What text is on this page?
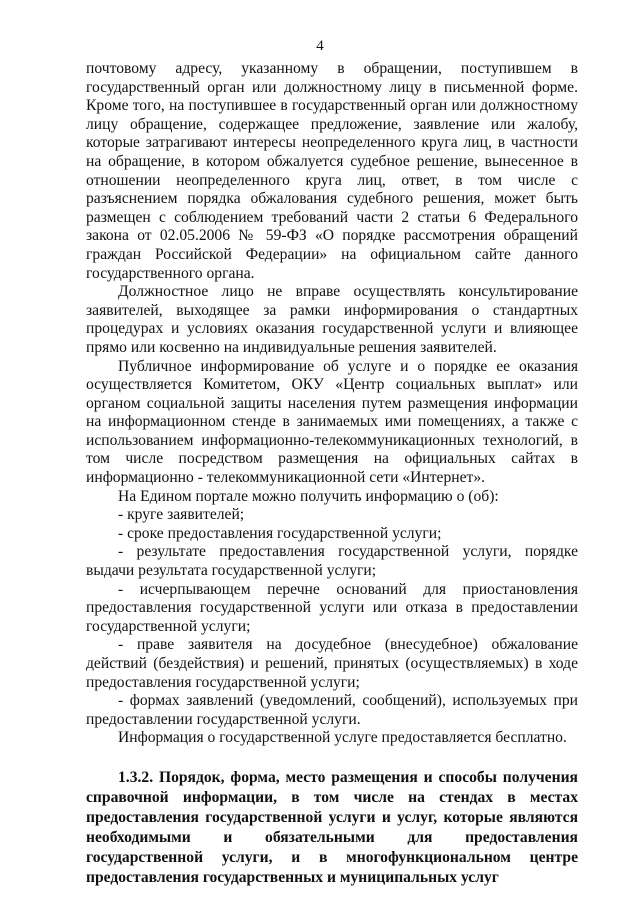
4

почтовому адресу, указанному в обращении, поступившем в государственный орган или должностному лицу в письменной форме. Кроме того, на поступившее в государственный орган или должностному лицу обращение, содержащее предложение, заявление или жалобу, которые затрагивают интересы неопределенного круга лиц, в частности на обращение, в котором обжалуется судебное решение, вынесенное в отношении неопределенного круга лиц, ответ, в том числе с разъяснением порядка обжалования судебного решения, может быть размещен с соблюдением требований части 2 статьи 6 Федерального закона от 02.05.2006 № 59-ФЗ «О порядке рассмотрения обращений граждан Российской Федерации» на официальном сайте данного государственного органа.

Должностное лицо не вправе осуществлять консультирование заявителей, выходящее за рамки информирования о стандартных процедурах и условиях оказания государственной услуги и влияющее прямо или косвенно на индивидуальные решения заявителей.

Публичное информирование об услуге и о порядке ее оказания осуществляется Комитетом, ОКУ «Центр социальных выплат» или органом социальной защиты населения путем размещения информации на информационном стенде в занимаемых ими помещениях, а также с использованием информационно-телекоммуникационных технологий, в том числе посредством размещения на официальных сайтах в информационно - телекоммуникационной сети «Интернет».

На Едином портале можно получить информацию о (об):

- круге заявителей;

- сроке предоставления государственной услуги;

- результате предоставления государственной услуги, порядке выдачи результата государственной услуги;

- исчерпывающем перечне оснований для приостановления предоставления государственной услуги или отказа в предоставлении государственной услуги;

- праве заявителя на досудебное (внесудебное) обжалование действий (бездействия) и решений, принятых (осуществляемых) в ходе предоставления государственной услуги;

- формах заявлений (уведомлений, сообщений), используемых при предоставлении государственной услуги.

Информация о государственной услуге предоставляется бесплатно.

1.3.2. Порядок, форма, место размещения и способы получения справочной информации, в том числе на стендах в местах предоставления государственной услуги и услуг, которые являются необходимыми и обязательными для предоставления государственной услуги, и в многофункциональном центре предоставления государственных и муниципальных услуг
